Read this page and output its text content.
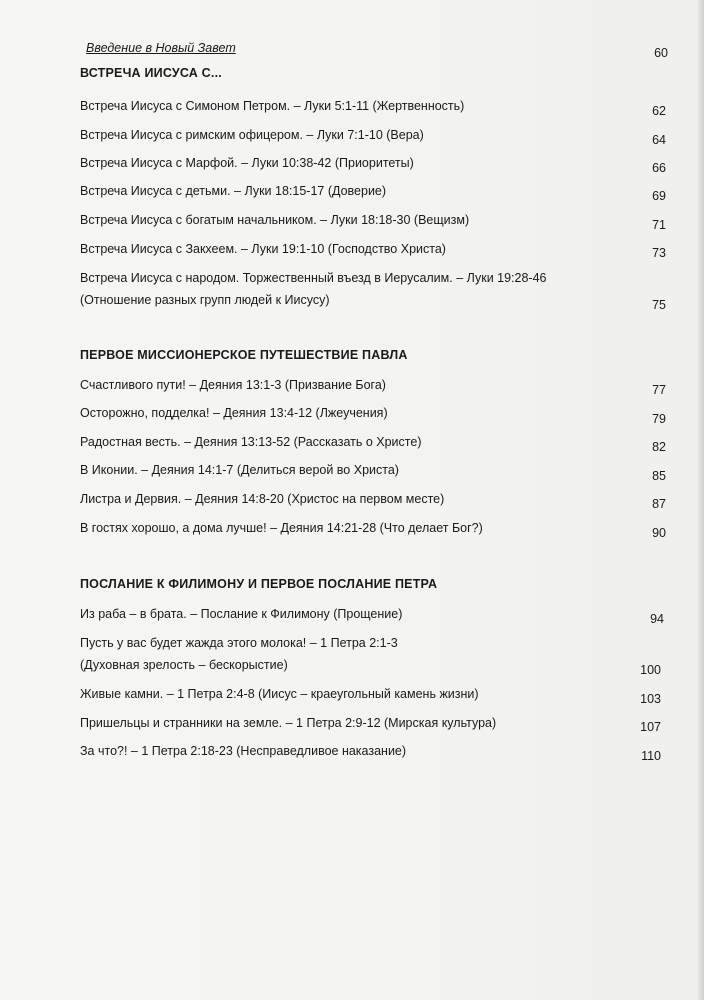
Введение в Новый Завет	60
ВСТРЕЧА ИИСУСА С...
Встреча Иисуса с Симоном Петром. – Луки 5:1-11 (Жертвенность)	62
Встреча Иисуса с римским офицером. – Луки 7:1-10 (Вера)	64
Встреча Иисуса с Марфой. – Луки 10:38-42 (Приоритеты)	66
Встреча Иисуса с детьми. – Луки 18:15-17 (Доверие)	69
Встреча Иисуса с богатым начальником. – Луки 18:18-30 (Вещизм)	71
Встреча Иисуса с Закхеем. – Луки 19:1-10 (Господство Христа)	73
Встреча Иисуса с народом. Торжественный въезд в Иерусалим. – Луки 19:28-46
(Отношение разных групп людей к Иисусу)	75
ПЕРВОЕ МИССИОНЕРСКОЕ ПУТЕШЕСТВИЕ ПАВЛА
Счастливого пути! – Деяния 13:1-3 (Призвание Бога)	77
Осторожно, подделка! – Деяния 13:4-12 (Лжеучения)	79
Радостная весть. – Деяния 13:13-52 (Рассказать о Христе)	82
В Иконии. – Деяния 14:1-7 (Делиться верой во Христа)	85
Листра и Дервия. – Деяния 14:8-20 (Христос на первом месте)	87
В гостях хорошо, а дома лучше! – Деяния 14:21-28 (Что делает Бог?)	90
ПОСЛАНИЕ К ФИЛИМОНУ И ПЕРВОЕ ПОСЛАНИЕ ПЕТРА
Из раба – в брата. – Послание к Филимону (Прощение)	94
Пусть у вас будет жажда этого молока! – 1 Петра 2:1-3
(Духовная зрелость – бескорыстие)	100
Живые камни. – 1 Петра 2:4-8 (Иисус – краеугольный камень жизни)	103
Пришельцы и странники на земле. – 1 Петра 2:9-12 (Мирская культура)	107
За что?! – 1 Петра 2:18-23 (Несправедливое наказание)	110
